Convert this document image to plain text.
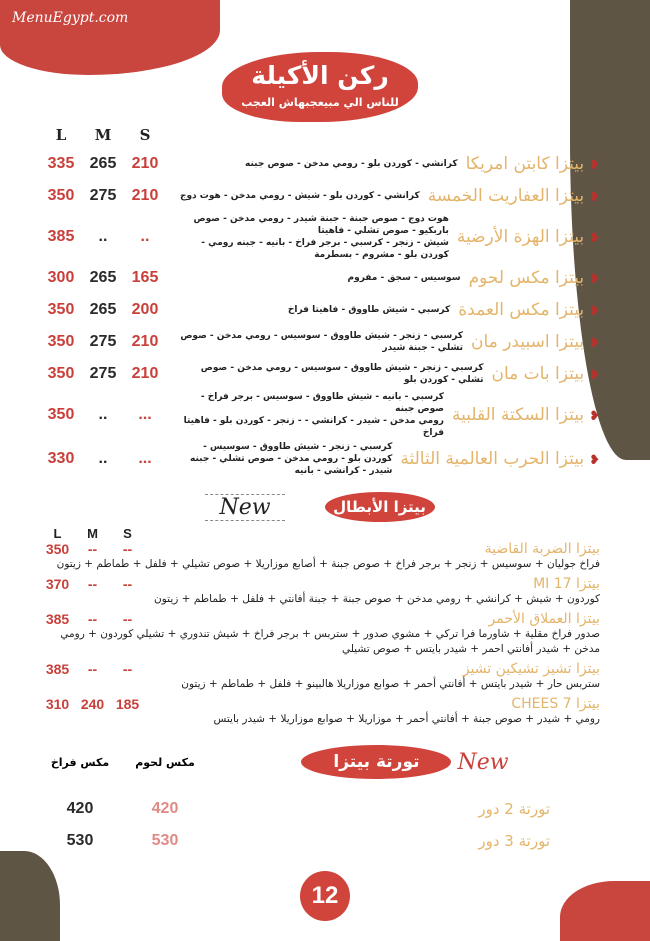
MenuEgypt.com
ركن الأكيلة
للناس الي مبيعجبهاش العجب
L	M	S
❥بيتزا كابتن امريكا
كرانشي - كوردن بلو - رومي مدخن - صوص جبنه
335 265 210
❥بيتزا العفاريت الخمسة
كرانشي - كوردن بلو - شيش - رومي مدخن - هوت دوج
350 275 210
❥بيتزا الهزة الأرضية
هوت دوج - صوص جبنة - جبنة شيدر - رومي مدخن - صوص باربكيو - صوص تشلي - فاهيتا
شيش - زنجر - كرسبي - برجر فراخ - بانيه - جبنه رومي - كوردن بلو - مشروم - بسطرمة
385	..	..
❥بيتزا مكس لحوم
سوسيس - سجق - مفروم
300 265 165
❥بيتزا مكس العمدة
كرسبي - شيش طاووق - فاهيتا فراخ
350 265 200
❥بيتزا اسبيدر مان
كرسبي - زنجر - شيش طاووق - سوسيس - رومي مدخن - صوص تشلي - جبنة شيدر
350 275 210
❥بيتزا بات مان
كرسبي - زنجر - شيش طاووق - سوسيس - رومي مدخن - صوص تشلي - كوردن بلو
350 275 210
❥بيتزا السكتة القلبية
كرسبي - بانيه - شيش طاووق - سوسيس - برجر فراخ - صوص جبنه
رومي مدخن - شيدر - كرانشي - - زنجر - كوردن بلو - فاهيتا فراخ
350	..	...
❥بيتزا الحرب العالمية الثالثة
كرسبي - زنجر - شيش طاووق - سوسيس - كوردن بلو - رومي مدخن - صوص تشلي - جبنه شيدر - كرانشي - بانيه
330	..	...
New	بيتزا الأبطال
L	M	S
بيتزا الضربة القاضية
350	--	--
فراخ جوليان + سوسيس + زنجر + برجر فراخ + صوص جبنة + أصابع موزاريلا + صوص تشيلي + فلفل + طماطم + زيتون
بيتزا 17 MI
370	--	--
كوردون + شيش + كرانشي + رومي مدخن + صوص جبنة + جبنة أفانتي + فلفل + طماطم + زيتون
بيتزا العملاق الأحمر
385	--	--
صدور فراخ مقلية + شاورما فرا تركي + مشوي صدور + ستربس + برجر فراخ + شيش تندوري + تشيلي كوردون + رومي مدخن + شيدر أفانتي احمر + شيدر بايتس + صوص تشيلي
بيتزا تشيز تشيكين تشيز
385	--	--
ستربس حار + شيدر بايتس + أفانتي أحمر + صوابع موزاريلا هالبينو + فلفل + طماطم + زيتون
بيتزا CHEES 7
310 240 185
رومي + شيدر + صوص جبنة + أفانتي أحمر + موزاريلا + صوابع موزاريلا + شيدر بايتس
مكس فراخ	مكس لحوم	تورتة بيتزا	New
420	420	تورتة 2 دور
530	530	تورتة 3 دور
12
